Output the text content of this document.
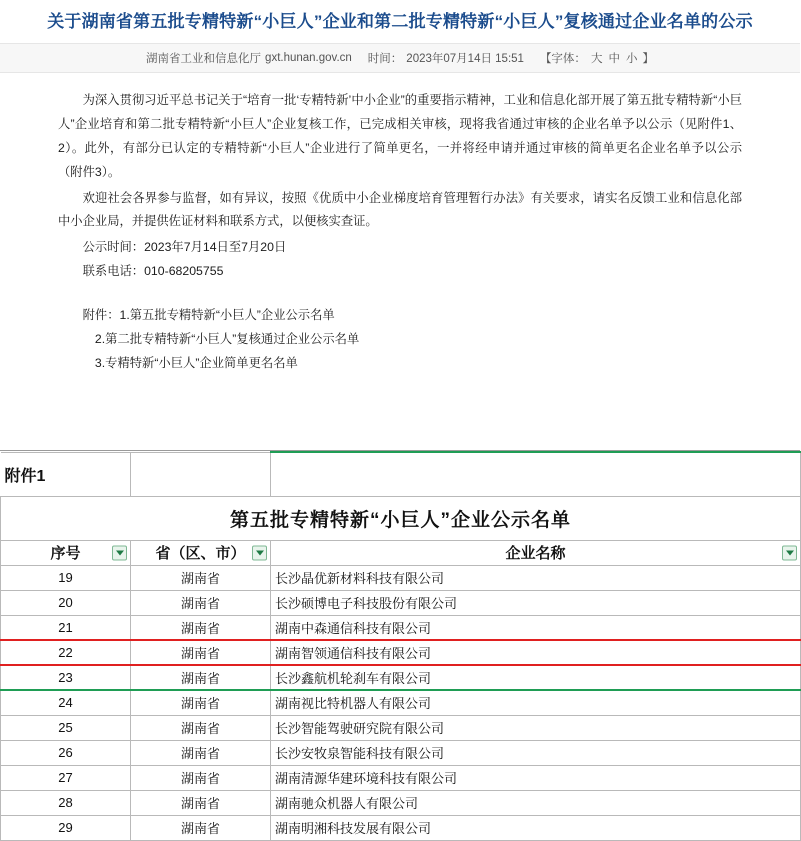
关于湖南省第五批专精特新“小巨人”企业和第二批专精特新“小巨人”复核通过企业名单的公示
湖南省工业和信息化厅 gxt.hunan.gov.cn 时间： 2023年07月14日 15:51 【字体： 大 中 小 】

为深入贯彻习近平总书记关于“培育一批‘专精特新’中小企业”的重要指示精神，工业和信息化部开展了第五批专精特新“小巨人”企业培育和第二批专精特新“小巨人”企业复核工作，已完成相关审核，现将我省通过审核的企业名单予以公示（见附件1、2）。此外，有部分已认定的专精特新“小巨人”企业进行了简单更名，一并将经申请并通过审核的简单更名企业名单予以公示（附件3）。

欢迎社会各界参与监督，如有异议，按照《优质中小企业梯度培育管理暂行办法》有关要求，请实名反馈工业和信息化部中小企业局，并提供佐证材料和联系方式，以便核实查证。

公示时间：2023年7月14日至7月20日

联系电话：010-68205755

附件：1.第五批专精特新“小巨人”企业公示名单

2.第二批专精特新“小巨人”复核通过企业公示名单

3.专精特新“小巨人”企业简单更名名单

附件1		
第五批专精特新“小巨人”企业公示名单		
序号	省（区、市）	企业名称

19	湖南省	长沙晶优新材料科技有限公司
20	湖南省	长沙硕博电子科技股份有限公司
21	湖南省	湖南中森通信科技有限公司
22	湖南省	湖南智领通信科技有限公司
23	湖南省	长沙鑫航机轮刹车有限公司
24	湖南省	湖南视比特机器人有限公司
25	湖南省	长沙智能驾驶研究院有限公司
26	湖南省	长沙安牧泉智能科技有限公司
27	湖南省	湖南清源华建环境科技有限公司
28	湖南省	湖南驰众机器人有限公司
29	湖南省	湖南明湘科技发展有限公司
